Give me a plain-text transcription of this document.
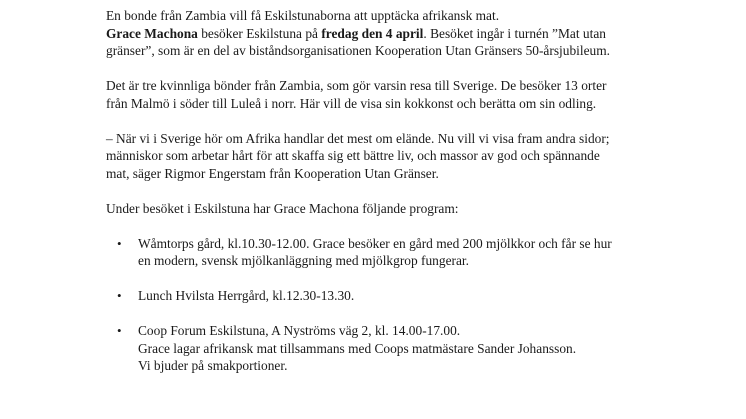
En bonde från Zambia vill få Eskilstunaborna att upptäcka afrikansk mat.
Grace Machona besöker Eskilstuna på fredag den 4 april. Besöket ingår i turnén ”Mat utan gränser”, som är en del av biståndsorganisationen Kooperation Utan Gränsers 50-årsjubileum.

Det är tre kvinnliga bönder från Zambia, som gör varsin resa till Sverige. De besöker 13 orter från Malmö i söder till Luleå i norr. Här vill de visa sin kokkonst och berätta om sin odling.

– När vi i Sverige hör om Afrika handlar det mest om elände. Nu vill vi visa fram andra sidor; människor som arbetar hårt för att skaffa sig ett bättre liv, och massor av god och spännande mat, säger Rigmor Engerstam från Kooperation Utan Gränser.

Under besöket i Eskilstuna har Grace Machona följande program:

• Wåmtorps gård, kl.10.30-12.00. Grace besöker en gård med 200 mjölkkor och får se hur en modern, svensk mjölkanläggning med mjölkgrop fungerar.
• Lunch Hvilsta Herrgård, kl.12.30-13.30.
• Coop Forum Eskilstuna, A Nyströms väg 2, kl. 14.00-17.00.
Grace lagar afrikansk mat tillsammans med Coops matmästare Sander Johansson.
Vi bjuder på smakportioner.
